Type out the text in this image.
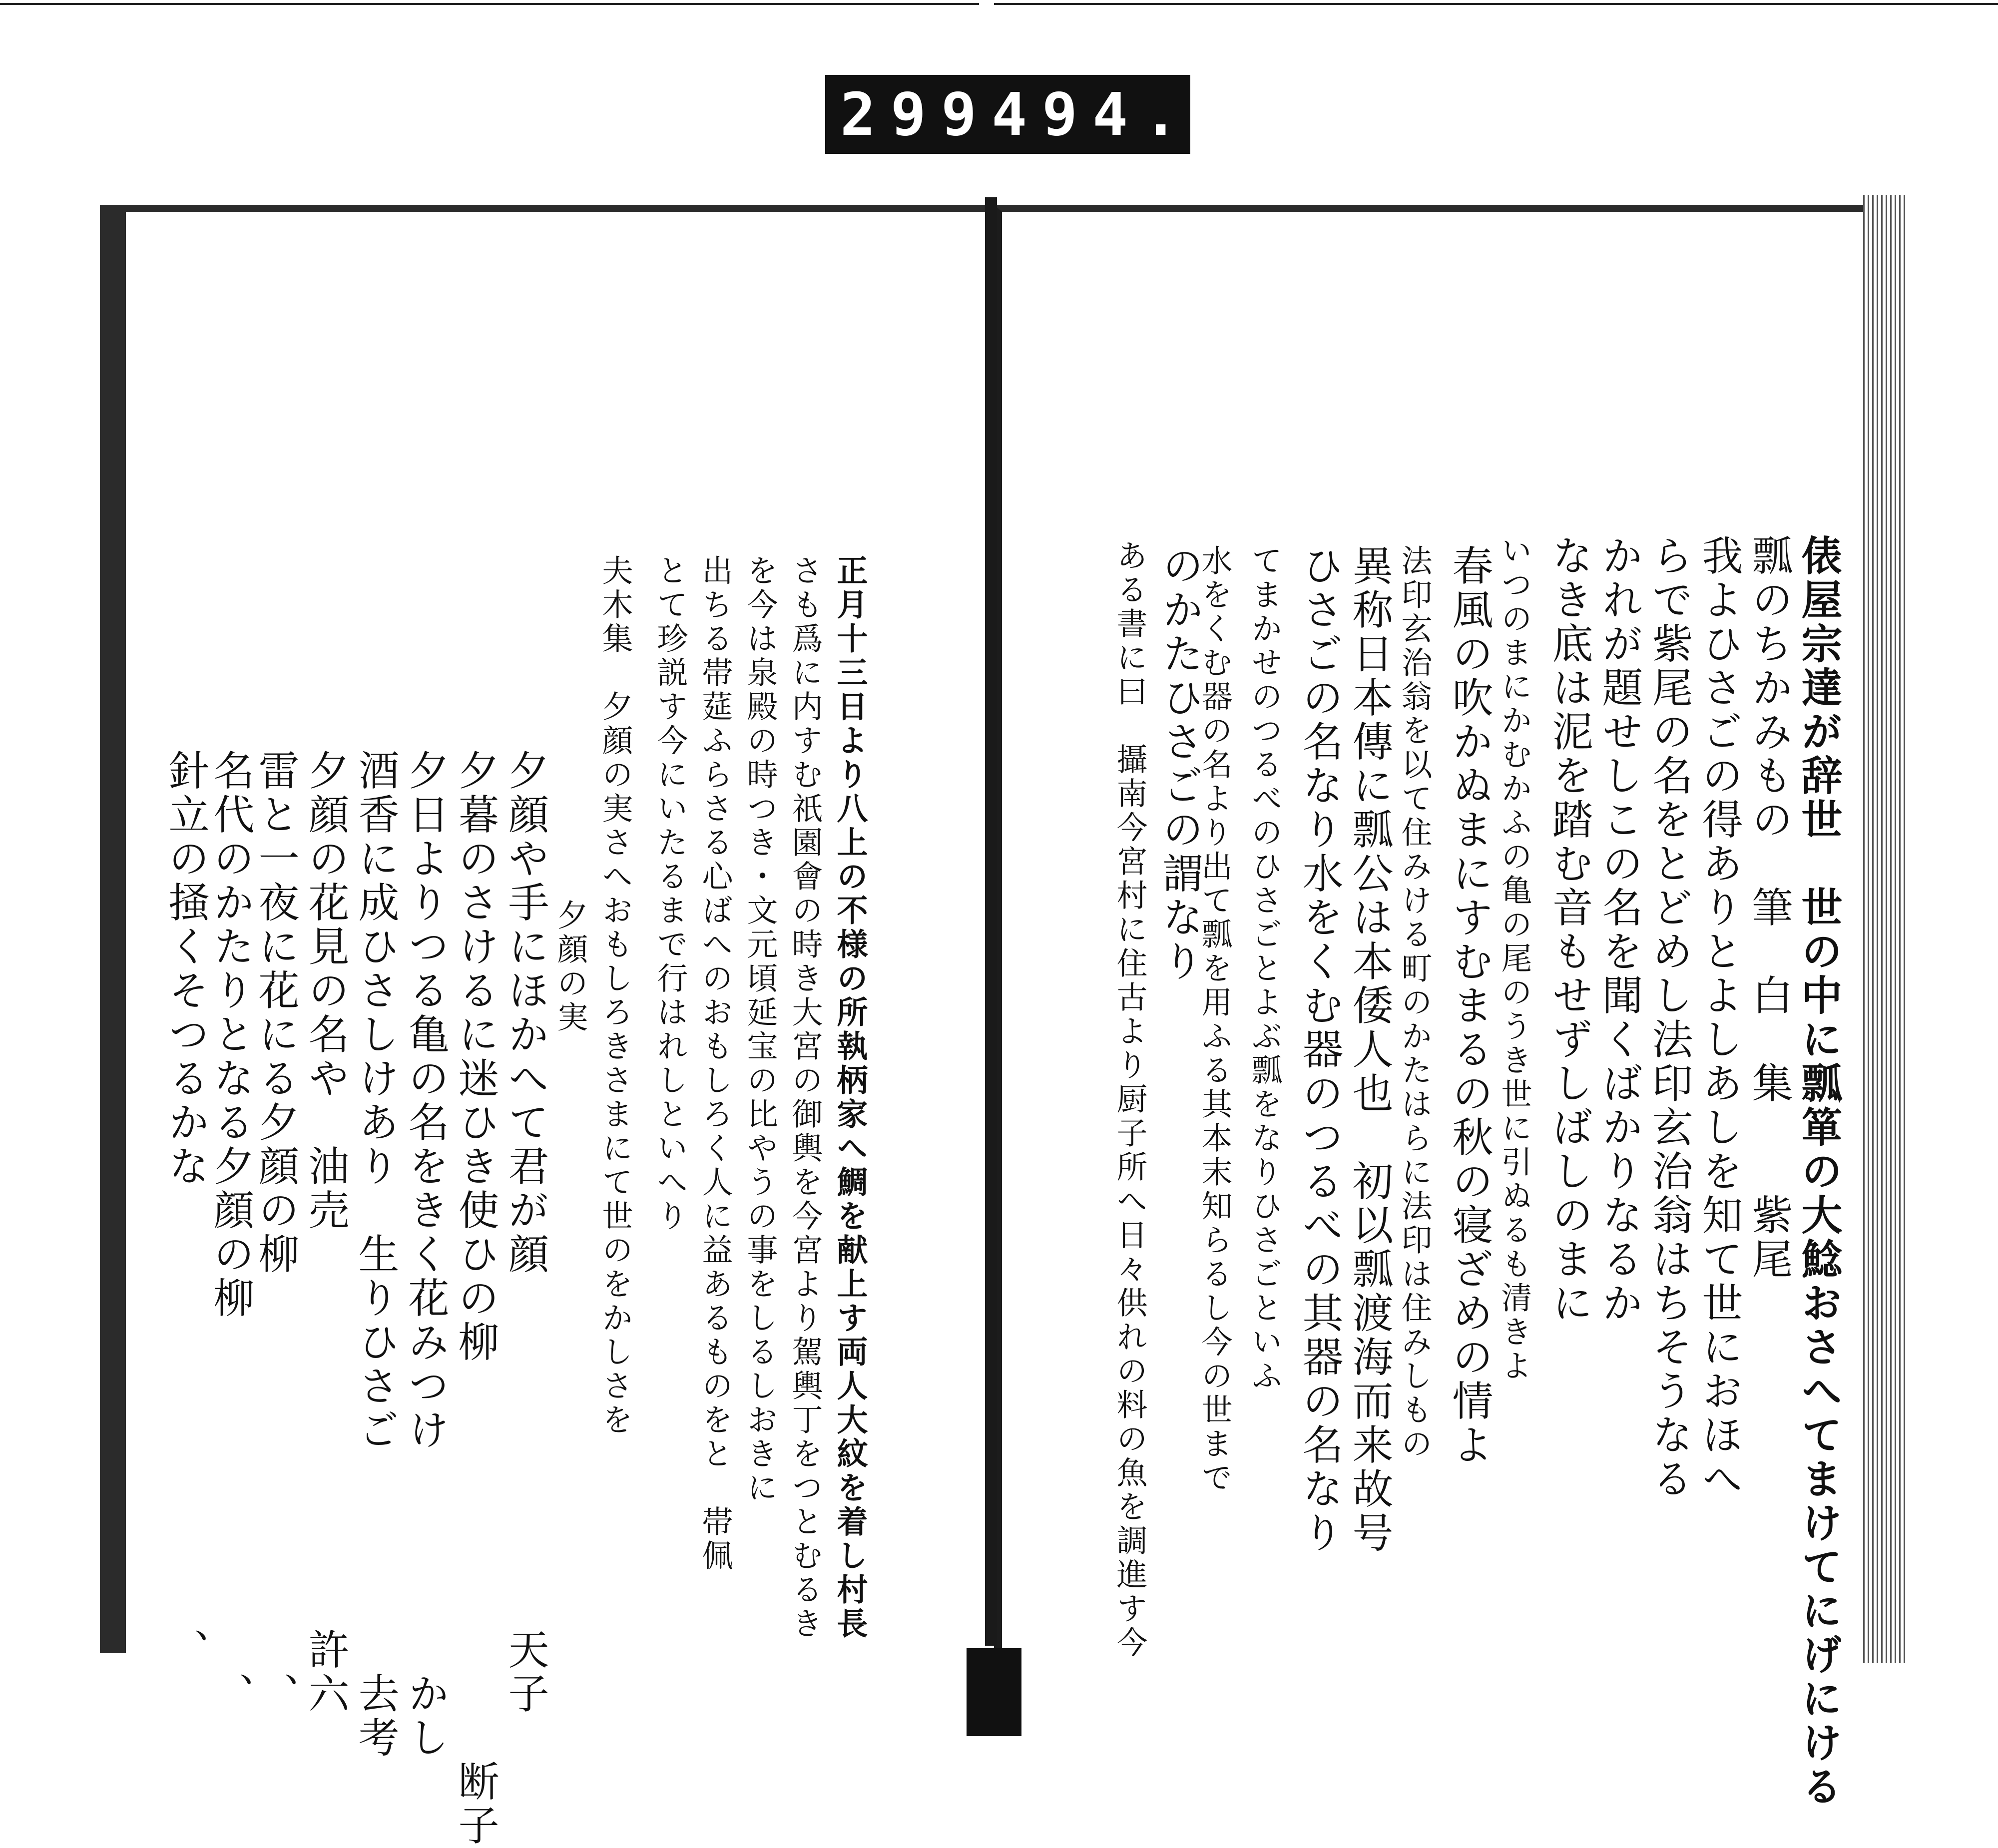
299 494.
俵屋宗達が辞世　世の中に瓢箪の大鯰おさへてまけてにげにける
瓢のちかみもの　筆　白　集　　紫尾
我よひさごの得ありとよしあしを知て世におほへ
らで紫尾の名をとどめし法印玄治翁はちそうなる
かれが題せしこの名を聞くばかりなるか
なき底は泥を踏む音もせずしばしのまに
いつのまにかむかふの亀の尾のうき世に引ぬるも清きよ
春風の吹かぬまにすむまるの秋の寝ざめの情よ
法印玄治翁を以て住みける町のかたはらに法印は住みしもの
異称日本傳に瓢公は本倭人也　初以瓢渡海而来故号
ひさごの名なり水をくむ器のつるべの其器の名なり
てまかせのつるべのひさごとよぶ瓢をなりひさごといふ
水をくむ器の名より出て瓢を用ふる其本末知らるし今の世まで
のかたひさごの謂なり
ある書に曰　攝南今宮村に住古より厨子所へ日々供れの料の魚を調進す今
正月十三日より八上の不様の所執柄家へ鯛を献上す両人大紋を着し村長
さも爲に内すむ祇園會の時き大宮の御輿を今宮より駕輿丁をつとむるき
を今は泉殿の時つき・文元頃延宝の比やうの事をしるしおきに
出ちる帯莚ふらさる心ばへのおもしろく人に益あるものをと　帯佩
とて珍説す今にいたるまで行はれしといへり
夫木集　夕顔の実さへおもしろきさまにて世のをかしさを
夕顔の実
夕顔や手にほかへて君が顔　　　　　　　　天子
夕暮のさけるに迷ひき使ひの柳　　　　　　　　　断子
夕日よりつる亀の名をきく花みつけ　　　　　かし
酒香に成ひさしけあり　生りひさご　　　　　去考
夕顔の花見の名や　油売　　　　　　　　　許六
雷と一夜に花にる夕顔の柳　　　　　　　　　、
名代のかたりとなる夕顔の柳　　　　　　　　、
針立の掻くそつるかな　　　　　　　　　　、
